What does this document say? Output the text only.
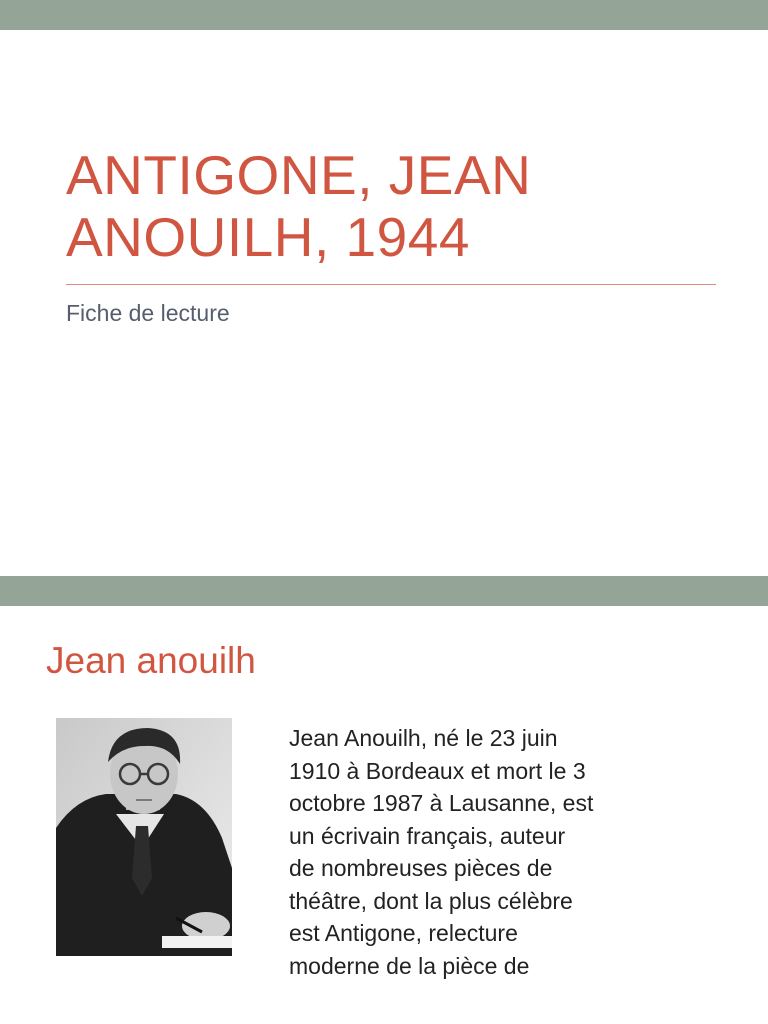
ANTIGONE, JEAN
ANOUILH, 1944
Fiche de lecture
Jean anouilh
Jean Anouilh, né le 23 juin
1910 à Bordeaux et mort le 3
octobre 1987 à Lausanne, est
un écrivain français, auteur
de nombreuses pièces de
théâtre, dont la plus célèbre
est Antigone, relecture
moderne de la pièce de
